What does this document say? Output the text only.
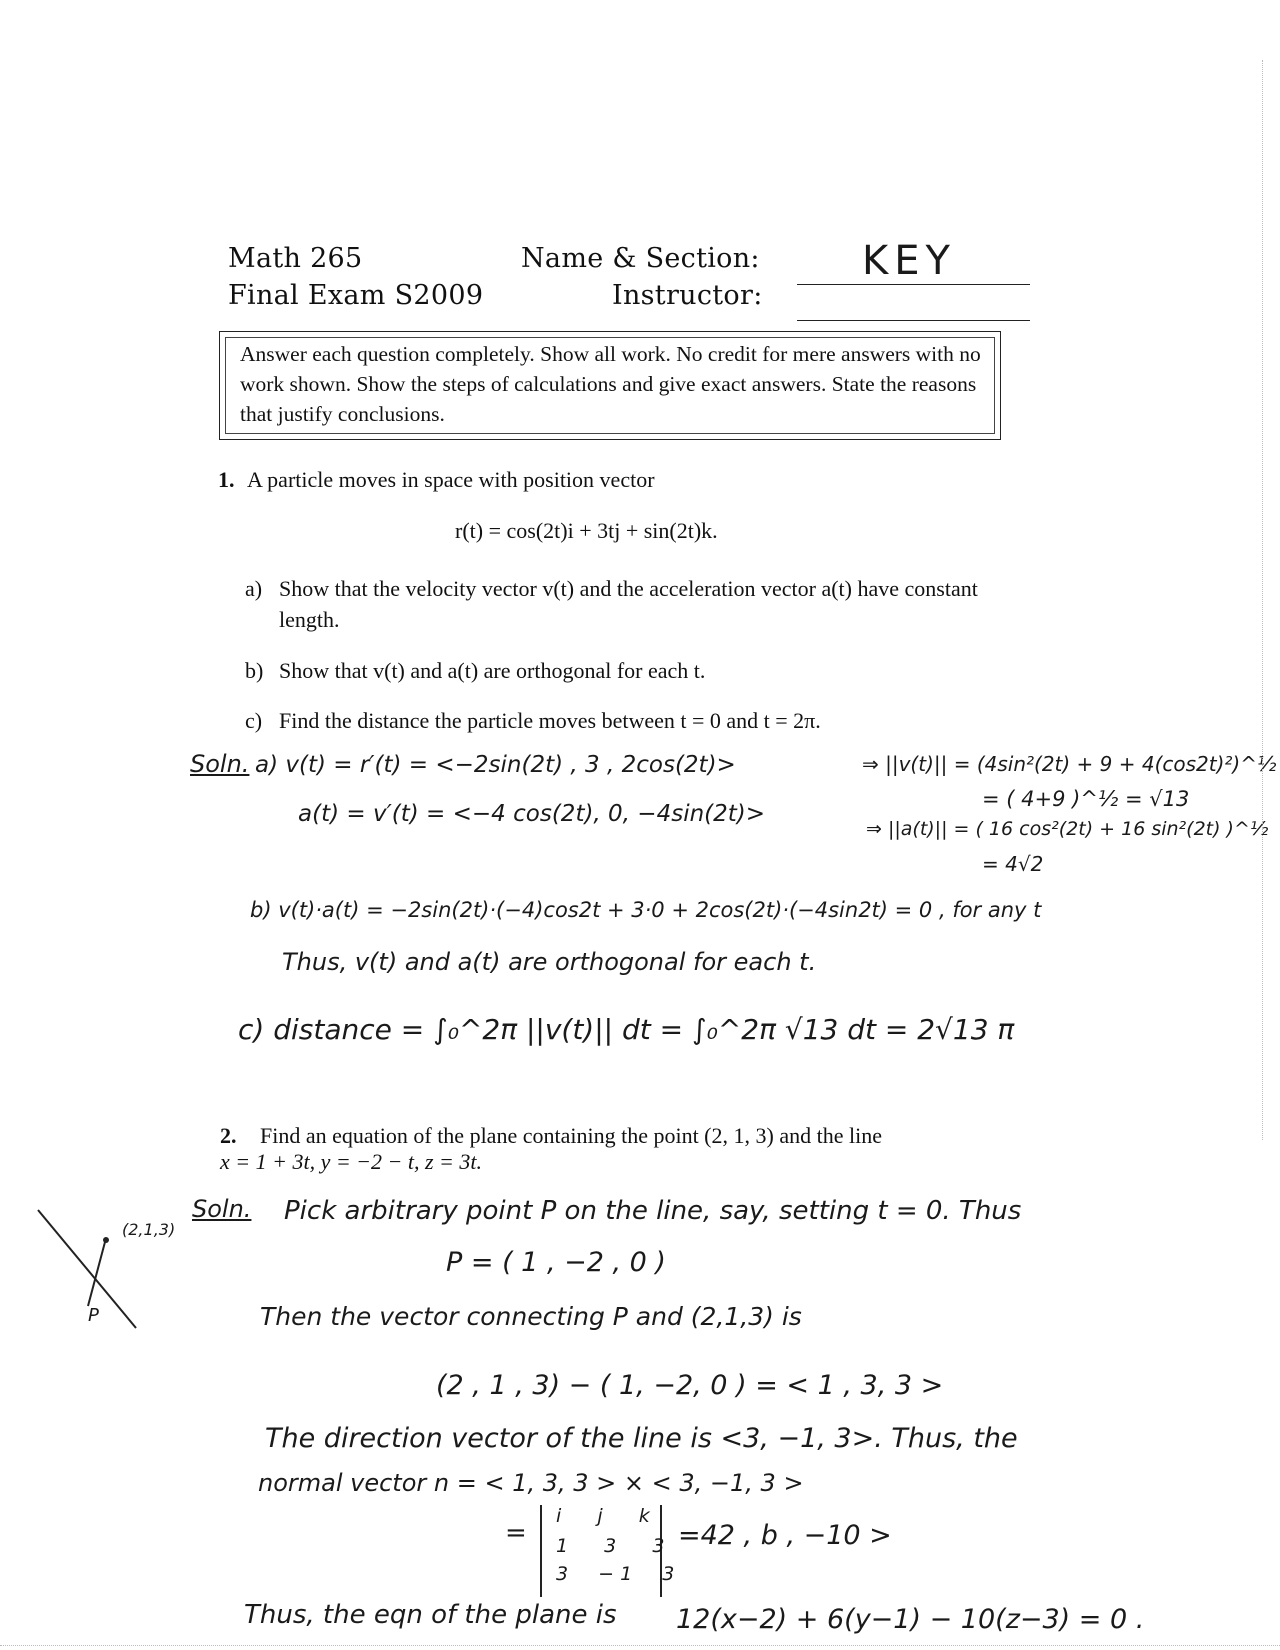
Math 265
Final Exam S2009
Name & Section:
Instructor:
KEY
Answer each question completely. Show all work. No credit for mere answers with no work shown. Show the steps of calculations and give exact answers. State the reasons that justify conclusions.
1. A particle moves in space with position vector
r(t) = cos(2t)i + 3tj + sin(2t)k.
a) Show that the velocity vector v(t) and the acceleration vector a(t) have constant length.
b) Show that v(t) and a(t) are orthogonal for each t.
c) Find the distance the particle moves between t = 0 and t = 2π.
Soln. a) v(t) = r′(t) = <−2sin(2t) , 3 , 2cos(2t)>	⇒ ||v(t)|| = (4sin²(2t) + 9 + 4(cos2t)²)^½
= ( 4+9 )^½ = √13
a(t) = v′(t) = <−4 cos(2t), 0, −4sin(2t)>
⇒ ||a(t)|| = ( 16 cos²(2t) + 16 sin²(2t) )^½
= 4√2
b) v(t)·a(t) = −2sin(2t)·(−4)cos2t + 3·0 + 2cos(2t)·(−4sin2t) = 0 , for any t
Thus, v(t) and a(t) are orthogonal for each t.
c) distance = ∫₀^2π ||v(t)|| dt = ∫₀^2π √13 dt = 2√13 π
2. Find an equation of the plane containing the point (2, 1, 3) and the line
x = 1 + 3t, y = −2 − t, z = 3t.
(2,1,3)
P
Soln. Pick arbitrary point P on the line, say, setting t = 0. Thus
P = ( 1 , −2 , 0 )
Then the vector connecting P and (2,1,3) is
(2 , 1 , 3) − ( 1, −2, 0 ) = < 1 , 3, 3 >
The direction vector of the line is <3, −1, 3>. Thus, the
normal vector n = < 1, 3, 3 > × < 3, −1, 3 >
=
i  j  k
1  3  3
3  −1  3
=42 , b , −10 >
Thus, the eqn of the plane is 12(x−2) + 6(y−1) − 10(z−3) = 0 .
